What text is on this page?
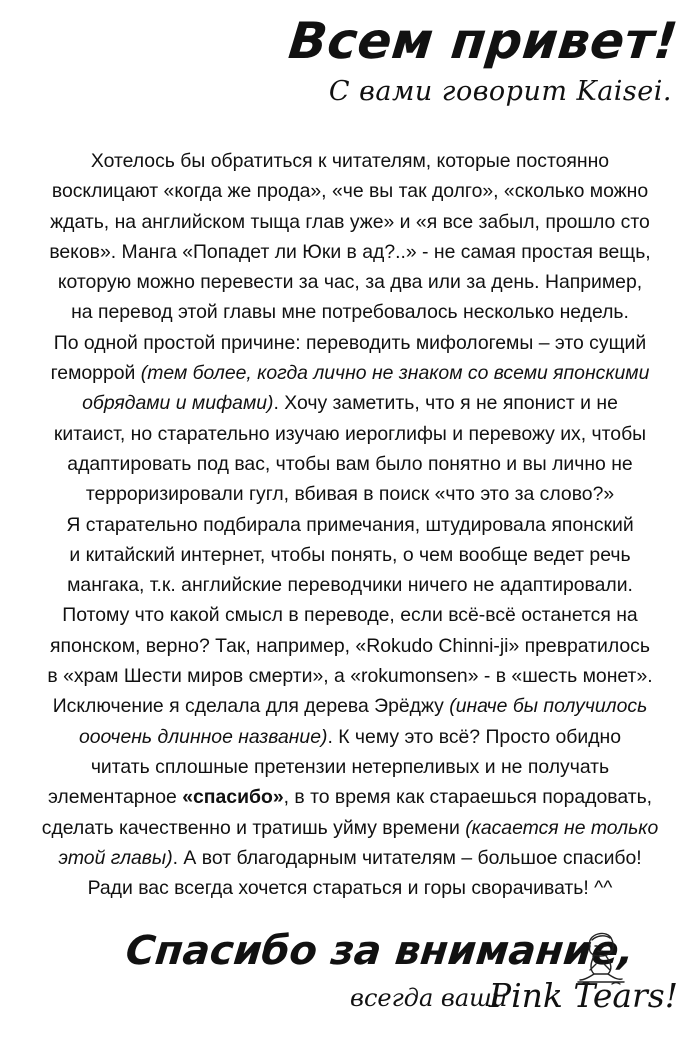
Всем привет!
С вами говорит Kaisei.
Хотелось бы обратиться к читателям, которые постоянно
восклицают «когда же прода», «че вы так долго», «сколько можно
ждать, на английском тыща глав уже» и «я все забыл, прошло сто
веков». Манга «Попадет ли Юки в ад?..» - не самая простая вещь,
которую можно перевести за час, за два или за день. Например,
на перевод этой главы мне потребовалось несколько недель.
По одной простой причине: переводить мифологемы – это сущий
геморрой (тем более, когда лично не знаком со всеми японскими
обрядами и мифами). Хочу заметить, что я не японист и не
китаист, но старательно изучаю иероглифы и перевожу их, чтобы
адаптировать под вас, чтобы вам было понятно и вы лично не
терроризировали гугл, вбивая в поиск «что это за слово?»
Я старательно подбирала примечания, штудировала японский
и китайский интернет, чтобы понять, о чем вообще ведет речь
мангака, т.к. английские переводчики ничего не адаптировали.
Потому что какой смысл в переводе, если всё-всё останется на
японском, верно? Так, например, «Rokudo Chinni-ji» превратилось
в «храм Шести миров смерти», а «rokumonsen» - в «шесть монет».
Исключение я сделала для дерева Эрёджу (иначе бы получилось
ооочень длинное название). К чему это всё? Просто обидно
читать сплошные претензии нетерпеливых и не получать
элементарное «спасибо», в то время как стараешься порадовать,
сделать качественно и тратишь уйму времени (касается не только
этой главы). А вот благодарным читателям – большое спасибо!
Ради вас всегда хочется стараться и горы сворачивать! ^^
Спасибо за внимание,
всегда ваши
Pink Tears!
